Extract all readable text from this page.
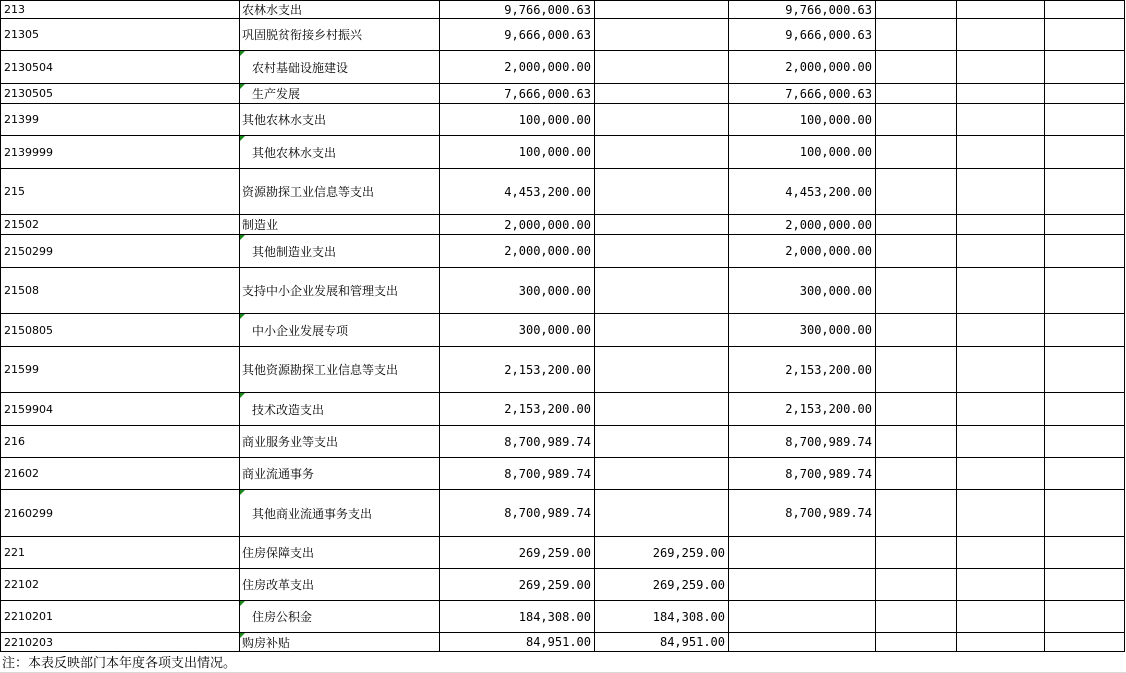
213	农林水支出	9,766,000.63		9,766,000.63			
21305	巩固脱贫衔接乡村振兴	9,666,000.63		9,666,000.63			
2130504	农村基础设施建设	2,000,000.00		2,000,000.00			
2130505	生产发展	7,666,000.63		7,666,000.63			
21399	其他农林水支出	100,000.00		100,000.00			
2139999	其他农林水支出	100,000.00		100,000.00			
215	资源勘探工业信息等支出	4,453,200.00		4,453,200.00			
21502	制造业	2,000,000.00		2,000,000.00			
2150299	其他制造业支出	2,000,000.00		2,000,000.00			
21508	支持中小企业发展和管理支出	300,000.00		300,000.00			
2150805	中小企业发展专项	300,000.00		300,000.00			
21599	其他资源勘探工业信息等支出	2,153,200.00		2,153,200.00			
2159904	技术改造支出	2,153,200.00		2,153,200.00			
216	商业服务业等支出	8,700,989.74		8,700,989.74			
21602	商业流通事务	8,700,989.74		8,700,989.74			
2160299	其他商业流通事务支出	8,700,989.74		8,700,989.74			
221	住房保障支出	269,259.00	269,259.00				
22102	住房改革支出	269,259.00	269,259.00				
2210201	住房公积金	184,308.00	184,308.00				
2210203	购房补贴	84,951.00	84,951.00				
注：本表反映部门本年度各项支出情况。
